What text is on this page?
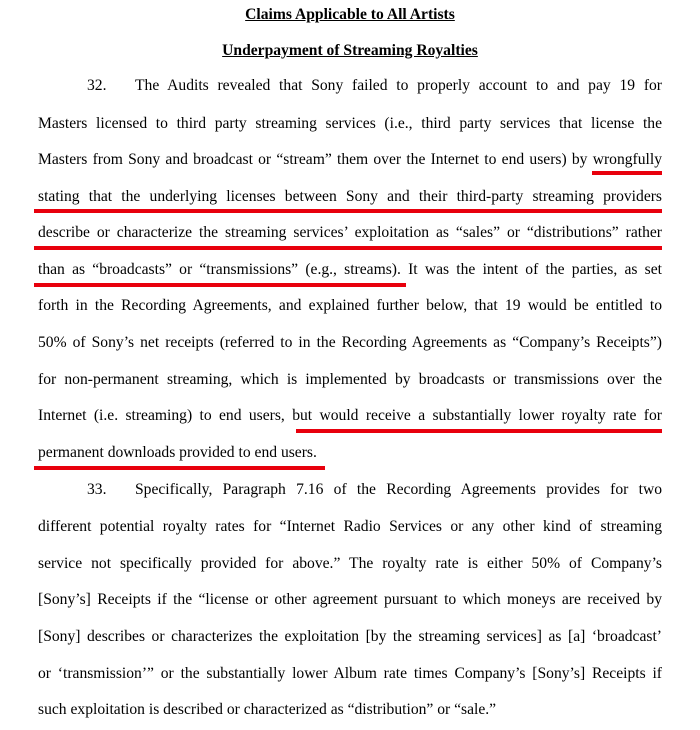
Claims Applicable to All Artists
Underpayment of Streaming Royalties
32. The Audits revealed that Sony failed to properly account to and pay 19 for
Masters licensed to third party streaming services (i.e., third party services that license the
Masters from Sony and broadcast or “stream” them over the Internet to end users) by wrongfully
stating that the underlying licenses between Sony and their third-party streaming providers
describe or characterize the streaming services’ exploitation as “sales” or “distributions” rather
than as “broadcasts” or “transmissions” (e.g., streams). It was the intent of the parties, as set
forth in the Recording Agreements, and explained further below, that 19 would be entitled to
50% of Sony’s net receipts (referred to in the Recording Agreements as “Company’s Receipts”)
for non-permanent streaming, which is implemented by broadcasts or transmissions over the
Internet (i.e. streaming) to end users, but would receive a substantially lower royalty rate for
permanent downloads provided to end users.
33. Specifically, Paragraph 7.16 of the Recording Agreements provides for two
different potential royalty rates for “Internet Radio Services or any other kind of streaming
service not specifically provided for above.” The royalty rate is either 50% of Company’s
[Sony’s] Receipts if the “license or other agreement pursuant to which moneys are received by
[Sony] describes or characterizes the exploitation [by the streaming services] as [a] ‘broadcast’
or ‘transmission’” or the substantially lower Album rate times Company’s [Sony’s] Receipts if
such exploitation is described or characterized as “distribution” or “sale.”
